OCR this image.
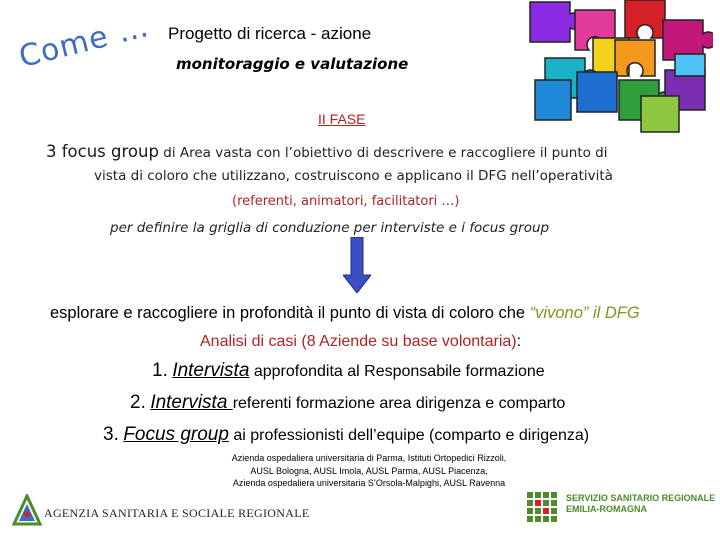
Come … Progetto di ricerca - azione
monitoraggio e valutazione
II FASE
3 focus group di Area vasta con l’obiettivo di descrivere e raccogliere il punto di
vista di coloro che utilizzano, costruiscono e applicano il DFG nell’operatività
(referenti, animatori, facilitatori …)
per definire la griglia di conduzione per interviste e i focus group
esplorare e raccogliere in profondità il punto di vista di coloro che “vivono” il DFG
Analisi di casi (8 Aziende su base volontaria):
1. Intervista approfondita al Responsabile formazione
2. Intervista referenti formazione area dirigenza e comparto
3. Focus group ai professionisti dell’equipe (comparto e dirigenza)
Azienda ospedaliera universitaria di Parma, Istituti Ortopedici Rizzoli,
AUSL Bologna, AUSL Imola, AUSL Parma, AUSL Piacenza,
Azienda ospedaliera universitaria S’Orsola-Malpighi, AUSL Ravenna
AGENZIA SANITARIA E SOCIALE REGIONALE
SERVIZIO SANITARIO REGIONALE
EMILIA-ROMAGNA
